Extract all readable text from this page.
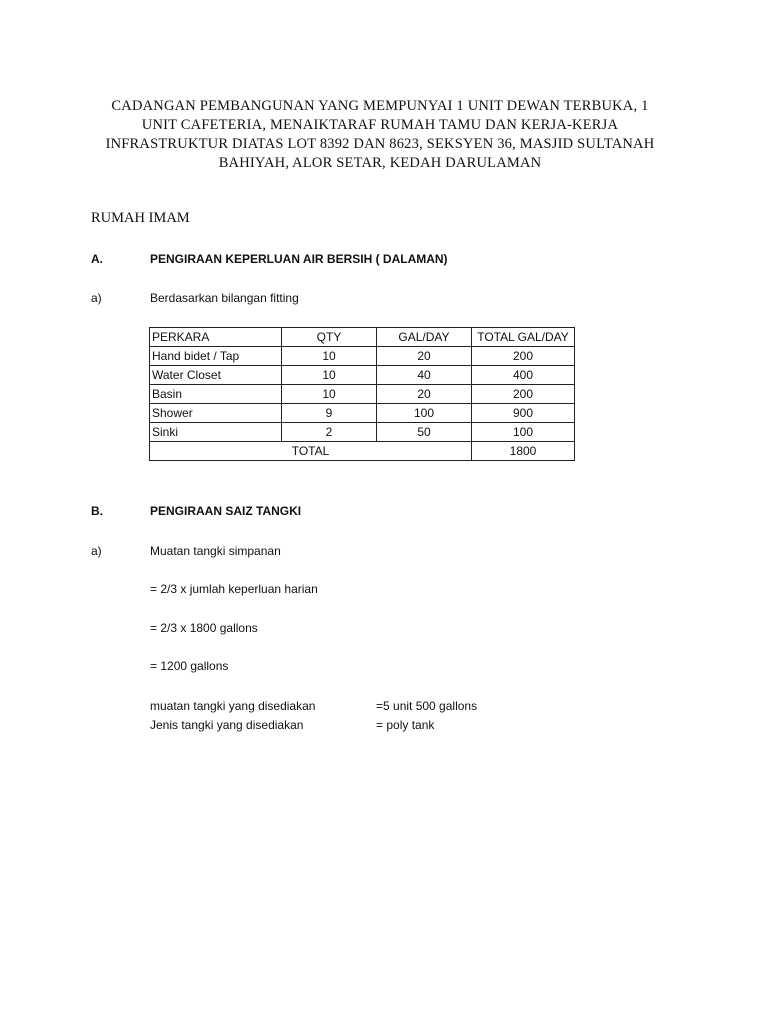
CADANGAN PEMBANGUNAN YANG MEMPUNYAI 1 UNIT DEWAN TERBUKA, 1
UNIT CAFETERIA, MENAIKTARAF RUMAH TAMU DAN KERJA-KERJA
INFRASTRUKTUR DIATAS LOT 8392 DAN 8623, SEKSYEN 36, MASJID SULTANAH
BAHIYAH, ALOR SETAR, KEDAH DARULAMAN
RUMAH IMAM
A.	PENGIRAAN KEPERLUAN AIR BERSIH ( DALAMAN)
a)	Berdasarkan bilangan fitting
PERKARA	QTY	GAL/DAY	TOTAL GAL/DAY
Hand bidet / Tap	10	20	200
Water Closet	10	40	400
Basin	10	20	200
Shower	9	100	900
Sinki	2	50	100
TOTAL			1800
B.	PENGIRAAN SAIZ TANGKI
a)	Muatan tangki simpanan
= 2/3 x jumlah keperluan harian
= 2/3 x 1800 gallons
= 1200 gallons
muatan tangki yang disediakan	=5 unit 500 gallons
Jenis tangki yang disediakan	= poly tank
